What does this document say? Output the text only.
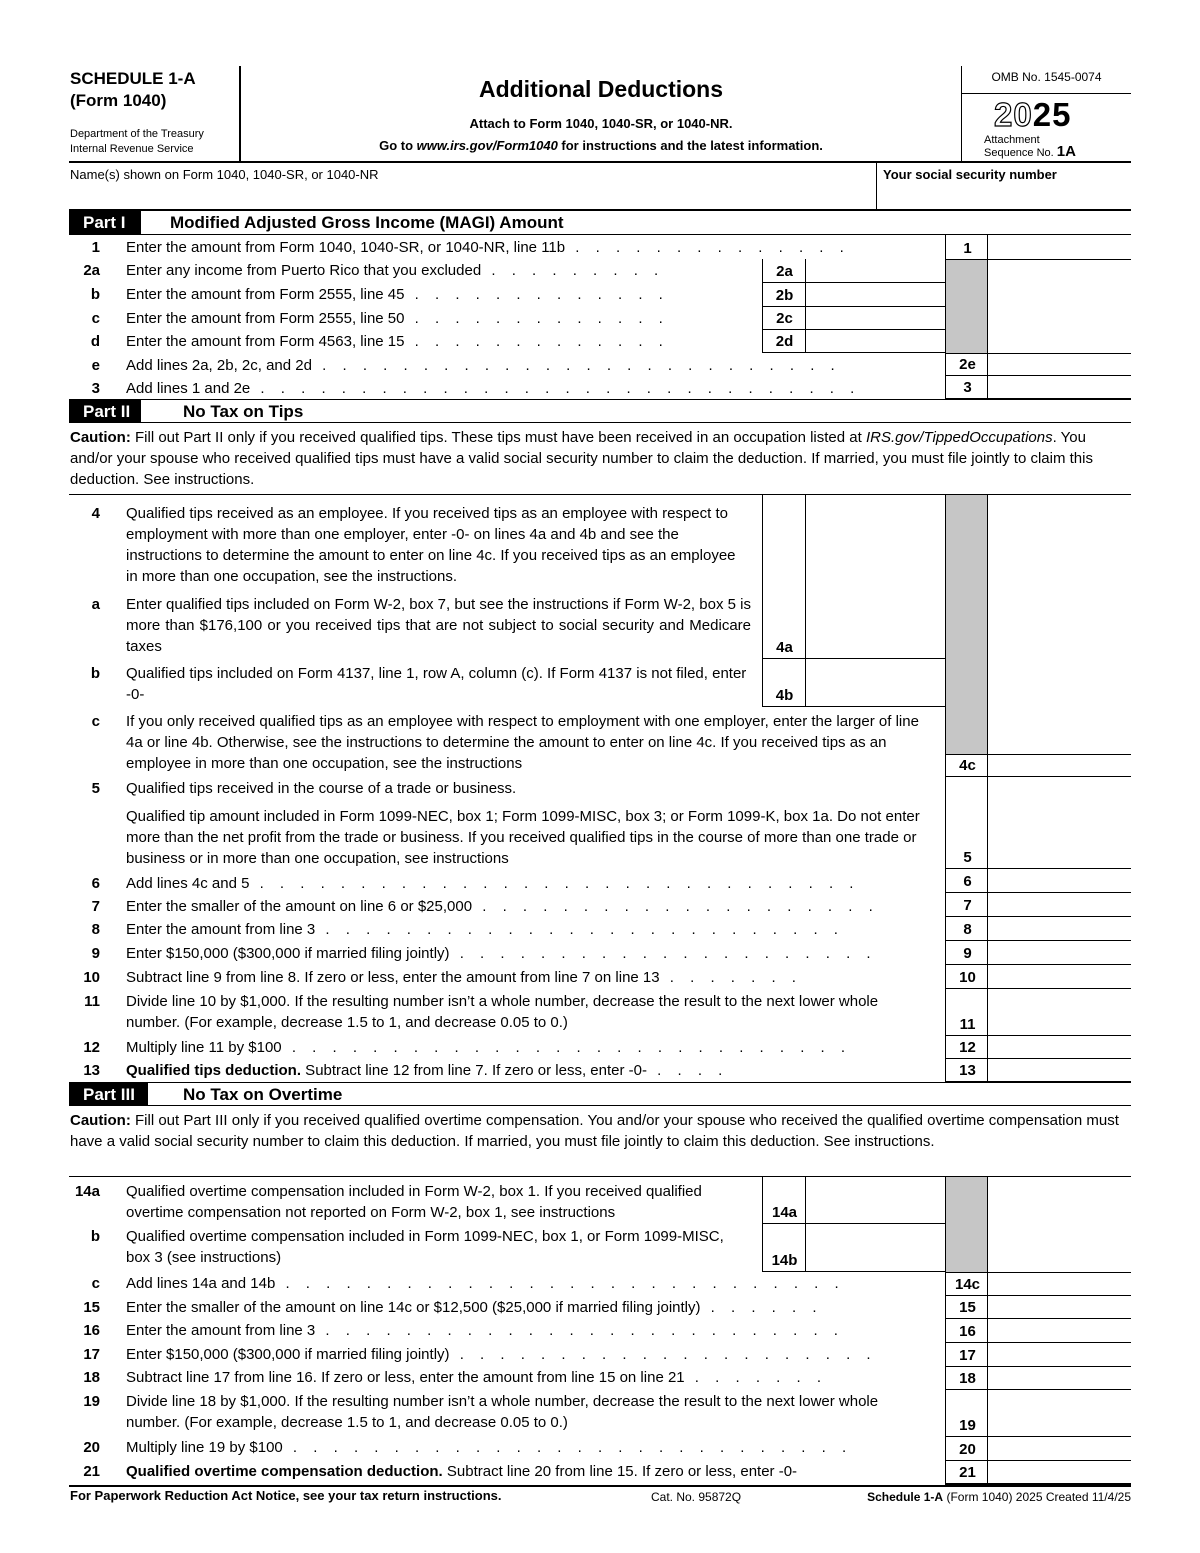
SCHEDULE 1-A
(Form 1040)
Department of the Treasury
Internal Revenue Service
Additional Deductions
Attach to Form 1040, 1040-SR, or 1040-NR.
Go to www.irs.gov/Form1040 for instructions and the latest information.
OMB No. 1545-0074
2025
Attachment
Sequence No. 1A
Name(s) shown on Form 1040, 1040-SR, or 1040-NR	Your social security number
Part I	Modified Adjusted Gross Income (MAGI) Amount
1 Enter the amount from Form 1040, 1040-SR, or 1040-NR, line 11b . . . . . . . . . . . . . .	1
2a Enter any income from Puerto Rico that you excluded . . . . . . . . .	2a
b Enter the amount from Form 2555, line 45 . . . . . . . . . . . . .	2b
c Enter the amount from Form 2555, line 50 . . . . . . . . . . . . .	2c
d Enter the amount from Form 4563, line 15 . . . . . . . . . . . . .	2d
e Add lines 2a, 2b, 2c, and 2d . . . . . . . . . . . . . . . . . . . . . . . . . .	2e
3 Add lines 1 and 2e . . . . . . . . . . . . . . . . . . . . . . . . . . . . . .	3
Part II	No Tax on Tips
Caution: Fill out Part II only if you received qualified tips. These tips must have been received in an occupation listed at IRS.gov/TippedOccupations. You and/or your spouse who received qualified tips must have a valid social security number to claim the deduction. If married, you must file jointly to claim this deduction. See instructions.
4 Qualified tips received as an employee. If you received tips as an employee with respect to employment with more than one employer, enter -0- on lines 4a and 4b and see the instructions to determine the amount to enter on line 4c. If you received tips as an employee in more than one occupation, see the instructions.
a Enter qualified tips included on Form W-2, box 7, but see the instructions if Form W-2, box 5 is more than $176,100 or you received tips that are not subject to social security and Medicare taxes	4a
b Qualified tips included on Form 4137, line 1, row A, column (c). If Form 4137 is not filed, enter -0-	4b
c If you only received qualified tips as an employee with respect to employment with one employer, enter the larger of line 4a or line 4b. Otherwise, see the instructions to determine the amount to enter on line 4c. If you received tips as an employee in more than one occupation, see the instructions	4c
5 Qualified tips received in the course of a trade or business.
Qualified tip amount included in Form 1099-NEC, box 1; Form 1099-MISC, box 3; or Form 1099-K, box 1a. Do not enter more than the net profit from the trade or business. If you received qualified tips in the course of more than one trade or business or in more than one occupation, see instructions	5
6 Add lines 4c and 5 . . . . . . . . . . . . . . . . . . . . . . . . . . . . . .	6
7 Enter the smaller of the amount on line 6 or $25,000 . . . . . . . . . . . . . . . . . . . .	7
8 Enter the amount from line 3 . . . . . . . . . . . . . . . . . . . . . . . . . .	8
9 Enter $150,000 ($300,000 if married filing jointly) . . . . . . . . . . . . . . . . . . . . .	9
10 Subtract line 9 from line 8. If zero or less, enter the amount from line 7 on line 13 . . . . . . .	10
11 Divide line 10 by $1,000. If the resulting number isn’t a whole number, decrease the result to the next lower whole number. (For example, decrease 1.5 to 1, and decrease 0.05 to 0.)	11
12 Multiply line 11 by $100 . . . . . . . . . . . . . . . . . . . . . . . . . . . .	12
13 Qualified tips deduction. Subtract line 12 from line 7. If zero or less, enter -0- . . . .	13
Part III	No Tax on Overtime
Caution: Fill out Part III only if you received qualified overtime compensation. You and/or your spouse who received the qualified overtime compensation must have a valid social security number to claim this deduction. If married, you must file jointly to claim this deduction. See instructions.
14a Qualified overtime compensation included in Form W-2, box 1. If you received qualified overtime compensation not reported on Form W-2, box 1, see instructions	14a
b Qualified overtime compensation included in Form 1099-NEC, box 1, or Form 1099-MISC, box 3 (see instructions)	14b
c Add lines 14a and 14b . . . . . . . . . . . . . . . . . . . . . . . . . . . .	14c
15 Enter the smaller of the amount on line 14c or $12,500 ($25,000 if married filing jointly) . . . . . .	15
16 Enter the amount from line 3 . . . . . . . . . . . . . . . . . . . . . . . . . .	16
17 Enter $150,000 ($300,000 if married filing jointly) . . . . . . . . . . . . . . . . . . . . .	17
18 Subtract line 17 from line 16. If zero or less, enter the amount from line 15 on line 21 . . . . . . .	18
19 Divide line 18 by $1,000. If the resulting number isn’t a whole number, decrease the result to the next lower whole number. (For example, decrease 1.5 to 1, and decrease 0.05 to 0.)	19
20 Multiply line 19 by $100 . . . . . . . . . . . . . . . . . . . . . . . . . . . .	20
21 Qualified overtime compensation deduction. Subtract line 20 from line 15. If zero or less, enter -0-	21
For Paperwork Reduction Act Notice, see your tax return instructions.	Cat. No. 95872Q	Schedule 1-A (Form 1040) 2025 Created 11/4/25
